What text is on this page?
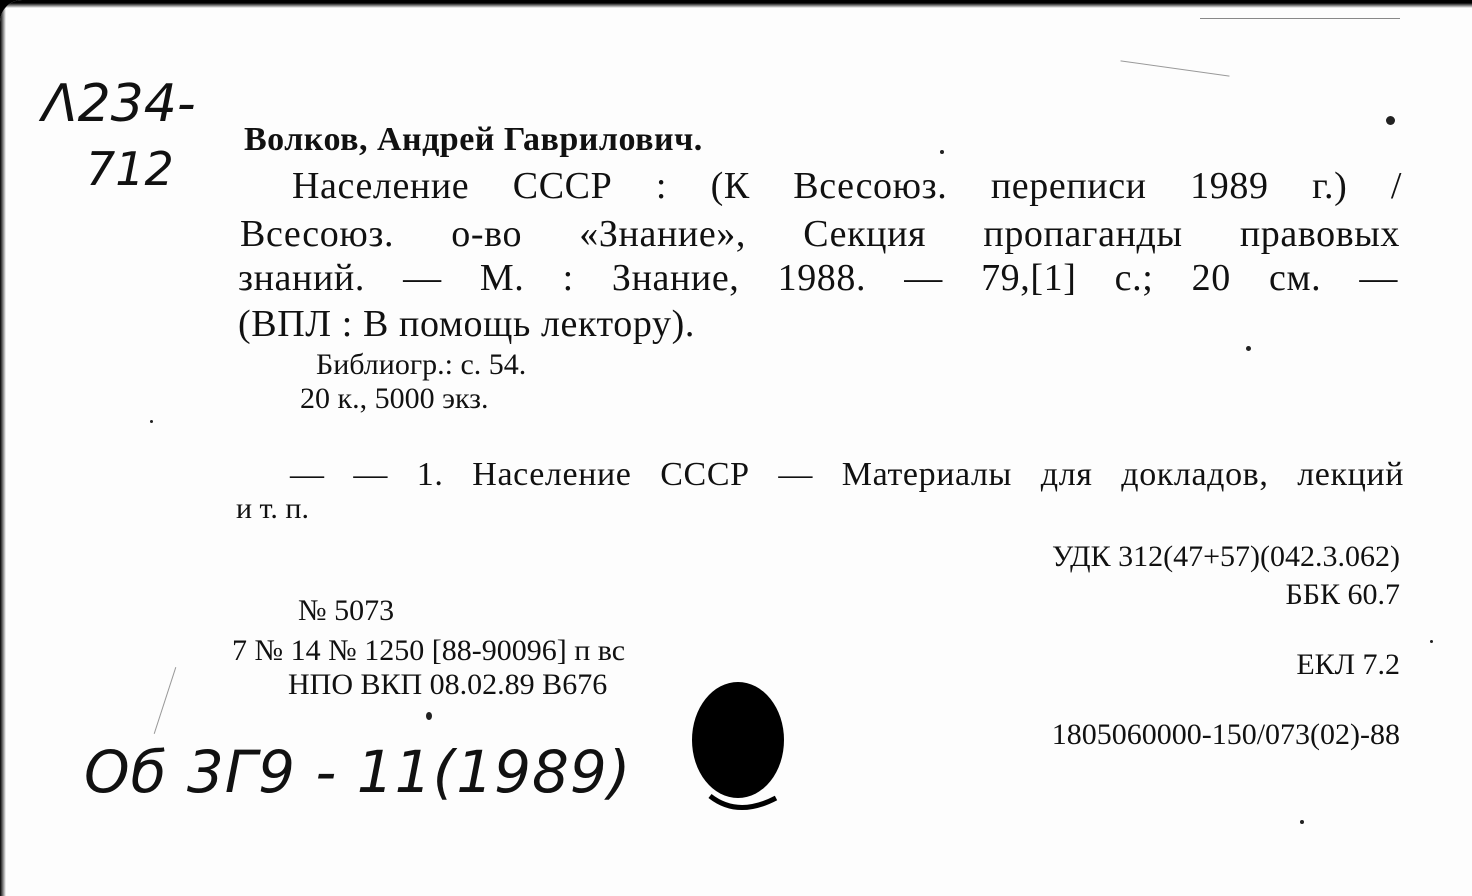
Λ234-
712
Волков, Андрей Гаврилович.
Население СССР : (К Всесоюз. переписи 1989 г.) /
Всесоюз. о-во «Знание», Секция пропаганды правовых
знаний. — М. : Знание, 1988. — 79,[1] с.; 20 см. —
(ВПЛ : В помощь лектору).
Библиогр.: с. 54.
20 к., 5000 экз.
— — 1. Население СССР — Материалы для докладов, лекций
и т. п.
УДК 312(47+57)(042.3.062)
ББК 60.7
ЕКЛ 7.2
1805060000-150/073(02)-88
№ 5073
7 № 14 № 1250 [88-90096] п вс
НПО ВКП 08.02.89 В676
Об 3Г9 - 11(1989)
